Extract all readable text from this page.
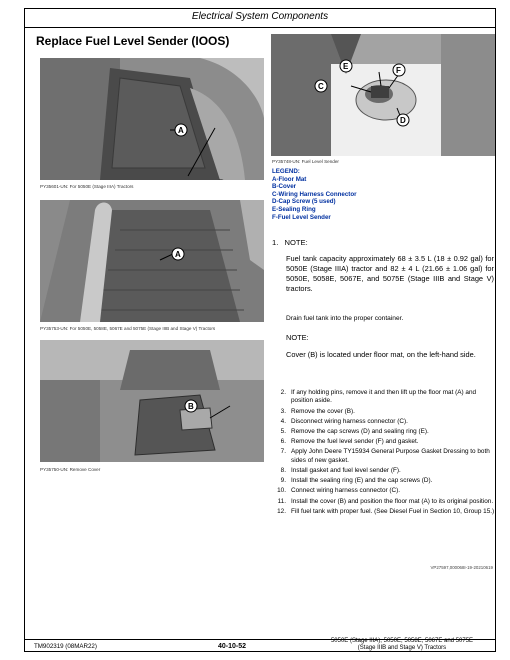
Electrical System Components
Replace Fuel Level Sender (IOOS)
A
PY35601-UN: For 5050E (Stage IIIA) Tractors
A
PY35753-UN: For 5050E, 5058E, 5067E and 5075E (Stage IIIB and Stage V) Tractors
B
PY35750-UN: Remove Cover
E	F
C
D
PY35748-UN: Fuel Level Sender
LEGEND:
A-Floor Mat
B-Cover
C-Wiring Harness Connector
D-Cap Screw (5 used)
E-Sealing Ring
F-Fuel Level Sender
1. NOTE:
Fuel tank capacity approximately 68 ± 3.5 L (18 ± 0.92 gal) for 5050E (Stage IIIA) tractor and 82 ± 4 L (21.66 ± 1.06 gal) for 5050E, 5058E, 5067E, and 5075E (Stage IIIB and Stage V) tractors.
Drain fuel tank into the proper container.
NOTE:
Cover (B) is located under floor mat, on the left-hand side.
2. If any holding pins, remove it and then lift up the floor mat (A) and position aside.
3. Remove the cover (B).
4. Disconnect wiring harness connector (C).
5. Remove the cap screws (D) and sealing ring (E).
6. Remove the fuel level sender (F) and gasket.
7. Apply John Deere TY15934 General Purpose Gasket Dressing to both sides of new gasket.
8. Install gasket and fuel level sender (F).
9. Install the sealing ring (E) and the cap screws (D).
10. Connect wiring harness connector (C).
11. Install the cover (B) and position the floor mat (A) to its original position.
12. Fill fuel tank with proper fuel. (See Diesel Fuel in Section 10, Group 15.)
VP27597,000068I-19-20210619
TM902319 (08MAR22)	40-10-52
5050E (Stage IIIA), 5050E, 5058E, 5067E and 5075E
(Stage IIIB and Stage V) Tractors
